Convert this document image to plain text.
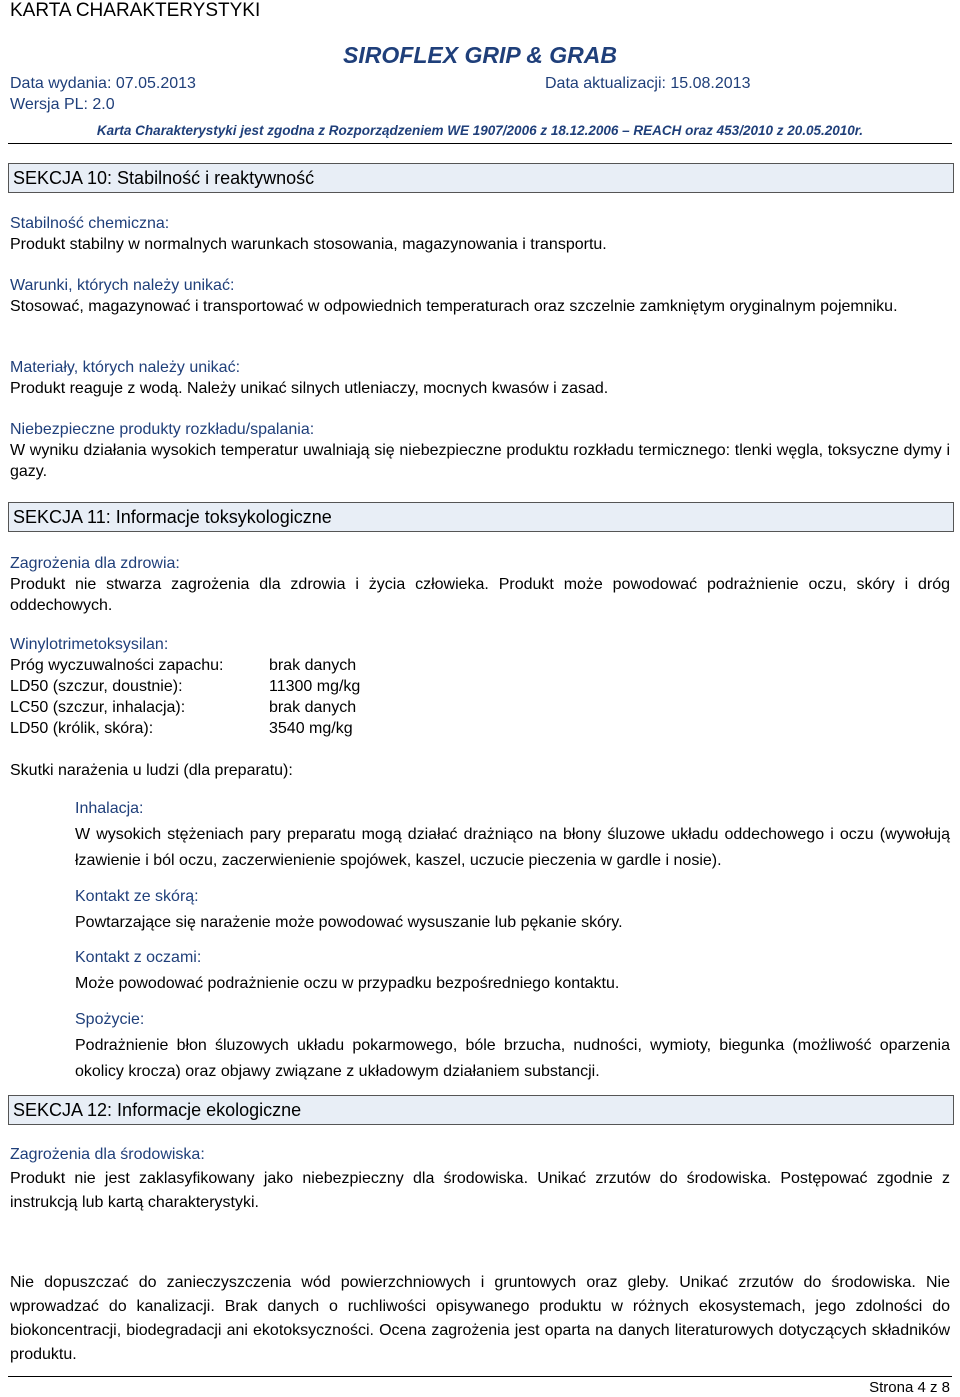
KARTA CHARAKTERYSTYKI
SIROFLEX GRIP & GRAB
Data wydania: 07.05.2013	Data aktualizacji: 15.08.2013
Wersja PL: 2.0
Karta Charakterystyki jest zgodna z Rozporządzeniem WE 1907/2006 z 18.12.2006 – REACH oraz 453/2010 z 20.05.2010r.
SEKCJA 10: Stabilność i reaktywność

Stabilność chemiczna:

Produkt stabilny w normalnych warunkach stosowania, magazynowania i transportu.

Warunki, których należy unikać:

Stosować, magazynować i transportować w odpowiednich temperaturach oraz szczelnie zamkniętym oryginalnym pojemniku.

Materiały, których należy unikać:

Produkt reaguje z wodą. Należy unikać silnych utleniaczy, mocnych kwasów i zasad.

Niebezpieczne produkty rozkładu/spalania:

W wyniku działania wysokich temperatur uwalniają się niebezpieczne produktu rozkładu termicznego: tlenki węgla, toksyczne dymy i gazy.

SEKCJA 11: Informacje toksykologiczne

Zagrożenia dla zdrowia:

Produkt nie stwarza zagrożenia dla zdrowia i życia człowieka. Produkt może powodować podrażnienie oczu, skóry i dróg oddechowych.

Winylotrimetoksysilan:

Próg wyczuwalności zapachu:	brak danych
LD50 (szczur, doustnie):	11300 mg/kg
LC50 (szczur, inhalacja):	brak danych
LD50 (królik, skóra):	3540 mg/kg

Skutki narażenia u ludzi (dla preparatu):

Inhalacja:

W wysokich stężeniach pary preparatu mogą działać drażniąco na błony śluzowe układu oddechowego i oczu (wywołują łzawienie i ból oczu, zaczerwienienie spojówek, kaszel, uczucie pieczenia w gardle i nosie).

Kontakt ze skórą:

Powtarzające się narażenie może powodować wysuszanie lub pękanie skóry.

Kontakt z oczami:

Może powodować podrażnienie oczu w przypadku bezpośredniego kontaktu.

Spożycie:

Podrażnienie błon śluzowych układu pokarmowego, bóle brzucha, nudności, wymioty, biegunka (możliwość oparzenia okolicy krocza) oraz objawy związane z układowym działaniem substancji.

SEKCJA 12: Informacje ekologiczne

Zagrożenia dla środowiska:

Produkt nie jest zaklasyfikowany jako niebezpieczny dla środowiska. Unikać zrzutów do środowiska. Postępować zgodnie z instrukcją lub kartą charakterystyki.

Nie dopuszczać do zanieczyszczenia wód powierzchniowych i gruntowych oraz gleby. Unikać zrzutów do środowiska. Nie wprowadzać do kanalizacji. Brak danych o ruchliwości opisywanego produktu w różnych ekosystemach, jego zdolności do biokoncentracji, biodegradacji ani ekotoksyczności. Ocena zagrożenia jest oparta na danych literaturowych dotyczących składników produktu.

Strona 4 z 8
